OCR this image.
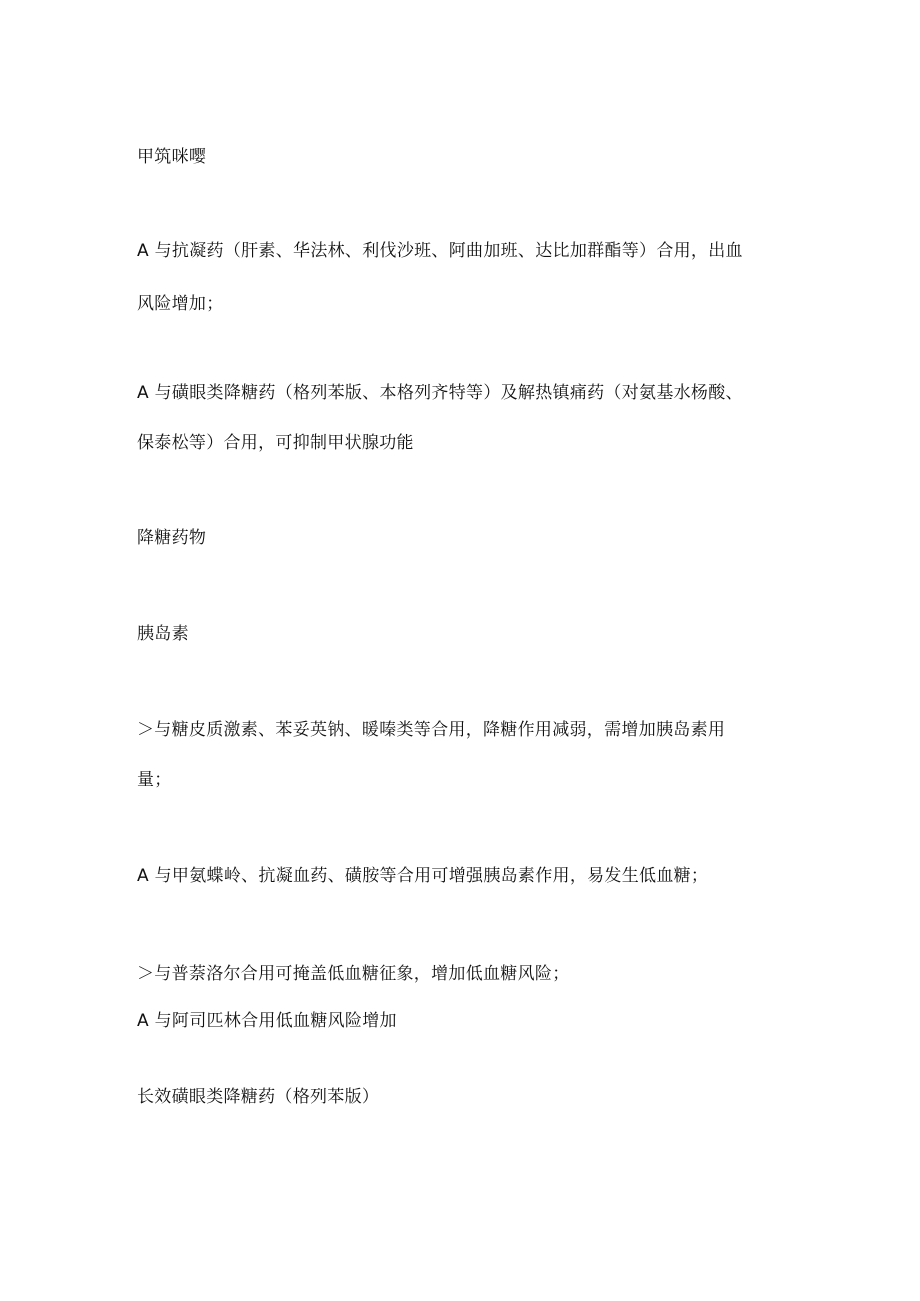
甲筑咪嘤
A 与抗凝药（肝素、华法林、利伐沙班、阿曲加班、达比加群酯等）合用，出血
风险增加；
A 与磺眼类降糖药（格列苯版、本格列齐特等）及解热镇痛药（对氨基水杨酸、
保泰松等）合用，可抑制甲状腺功能
降糖药物
胰岛素
＞与糖皮质激素、苯妥英钠、暖嗪类等合用，降糖作用减弱，需增加胰岛素用
量；
A 与甲氨蝶岭、抗凝血药、磺胺等合用可增强胰岛素作用，易发生低血糖；
＞与普萘洛尔合用可掩盖低血糖征象，增加低血糖风险；
A 与阿司匹林合用低血糖风险增加
长效磺眼类降糖药（格列苯版）
